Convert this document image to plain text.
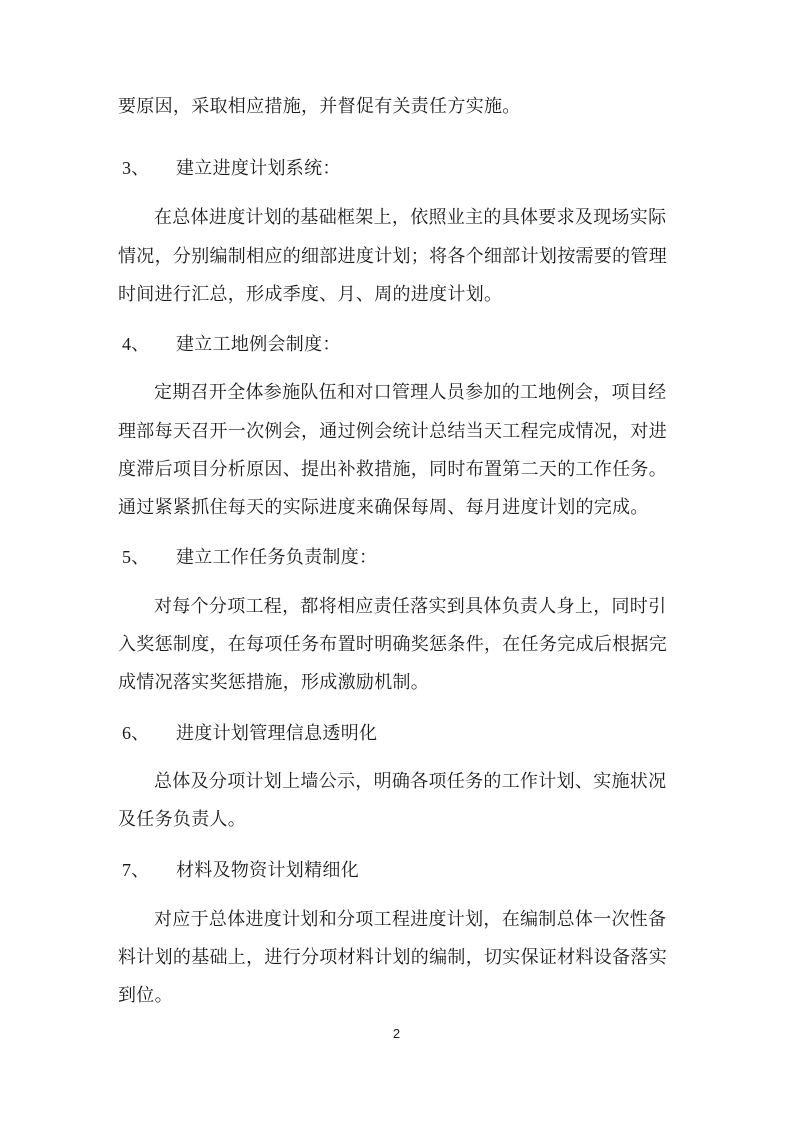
要原因，采取相应措施，并督促有关责任方实施。
3、 建立进度计划系统：
在总体进度计划的基础框架上，依照业主的具体要求及现场实际
情况，分别编制相应的细部进度计划；将各个细部计划按需要的管理
时间进行汇总，形成季度、月、周的进度计划。
4、 建立工地例会制度：
定期召开全体参施队伍和对口管理人员参加的工地例会，项目经
理部每天召开一次例会，通过例会统计总结当天工程完成情况，对进
度滞后项目分析原因、提出补救措施，同时布置第二天的工作任务。
通过紧紧抓住每天的实际进度来确保每周、每月进度计划的完成。
5、 建立工作任务负责制度：
对每个分项工程，都将相应责任落实到具体负责人身上，同时引
入奖惩制度，在每项任务布置时明确奖惩条件，在任务完成后根据完
成情况落实奖惩措施，形成激励机制。
6、 进度计划管理信息透明化
总体及分项计划上墙公示，明确各项任务的工作计划、实施状况
及任务负责人。
7、 材料及物资计划精细化
对应于总体进度计划和分项工程进度计划，在编制总体一次性备
料计划的基础上，进行分项材料计划的编制，切实保证材料设备落实
到位。
2
